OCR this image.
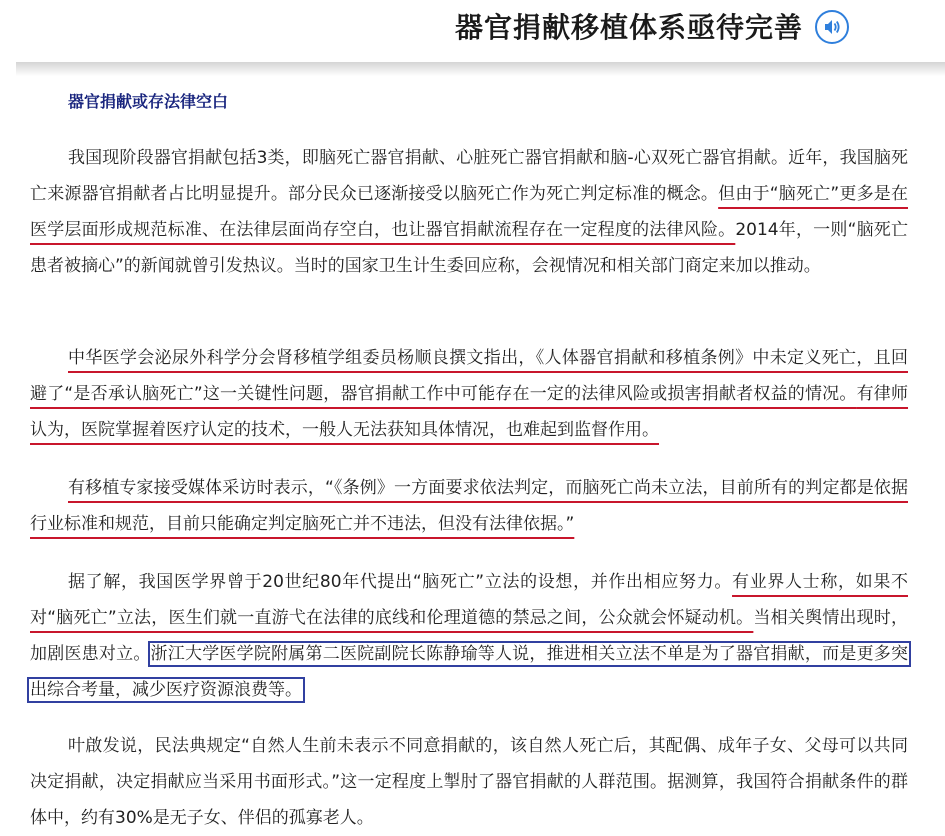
器官捐献移植体系亟待完善
器官捐献或存法律空白

我国现阶段器官捐献包括3类，即脑死亡器官捐献、心脏死亡器官捐献和脑-心双死亡器官捐献。近年，我国脑死亡来源器官捐献者占比明显提升。部分民众已逐渐接受以脑死亡作为死亡判定标准的概念。但由于“脑死亡”更多是在医学层面形成规范标准、在法律层面尚存空白，也让器官捐献流程存在一定程度的法律风险。2014年，一则“脑死亡患者被摘心”的新闻就曾引发热议。当时的国家卫生计生委回应称，会视情况和相关部门商定来加以推动。

中华医学会泌尿外科学分会肾移植学组委员杨顺良撰文指出，《人体器官捐献和移植条例》中未定义死亡，且回避了“是否承认脑死亡”这一关键性问题，器官捐献工作中可能存在一定的法律风险或损害捐献者权益的情况。有律师认为，医院掌握着医疗认定的技术，一般人无法获知具体情况，也难起到监督作用。

有移植专家接受媒体采访时表示，“《条例》一方面要求依法判定，而脑死亡尚未立法，目前所有的判定都是依据行业标准和规范，目前只能确定判定脑死亡并不违法，但没有法律依据。”

据了解，我国医学界曾于20世纪80年代提出“脑死亡”立法的设想，并作出相应努力。有业界人士称，如果不对“脑死亡”立法，医生们就一直游弋在法律的底线和伦理道德的禁忌之间，公众就会怀疑动机。当相关舆情出现时，加剧医患对立。浙江大学医学院附属第二医院副院长陈静瑜等人说，推进相关立法不单是为了器官捐献，而是更多突出综合考量，减少医疗资源浪费等。

叶啟发说，民法典规定“自然人生前未表示不同意捐献的，该自然人死亡后，其配偶、成年子女、父母可以共同决定捐献，决定捐献应当采用书面形式。”这一定程度上掣肘了器官捐献的人群范围。据测算，我国符合捐献条件的群体中，约有30%是无子女、伴侣的孤寡老人。
